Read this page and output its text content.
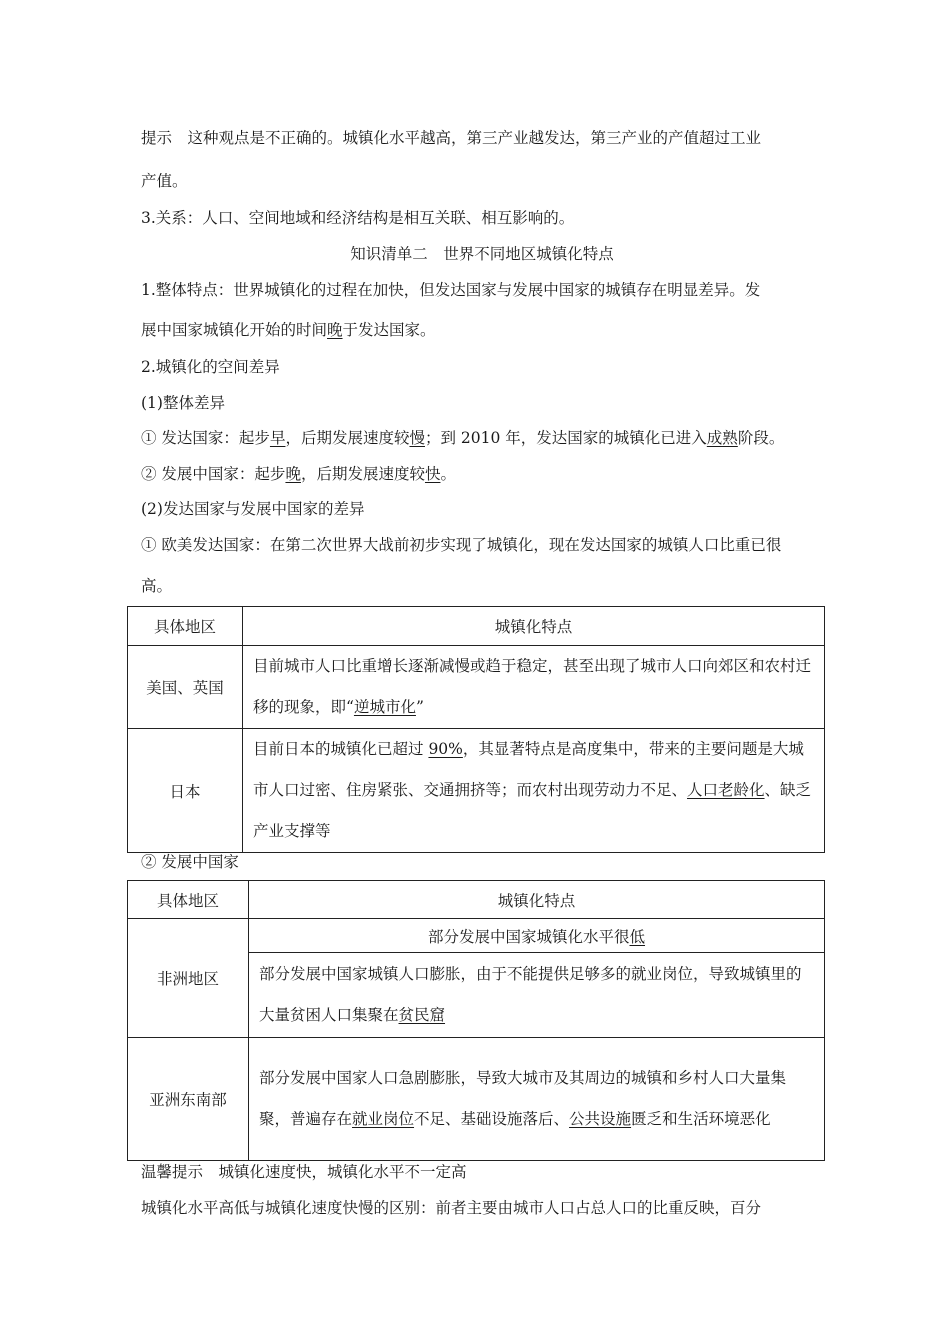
提示　 这种观点是不正确的。城镇化水平越高，第三产业越发达，第三产业的产值超过工业
产值。
3.关系：人口、空间地域和经济结构是相互关联、相互影响的。
知识清单二　世界不同地区城镇化特点
1.整体特点：世界城镇化的过程在加快，但发达国家与发展中国家的城镇存在明显差异。发
展中国家城镇化开始的时间晚于发达国家。
2.城镇化的空间差异
(1)整体差异
① 发达国家：起步早，后期发展速度较慢；到 2010 年，发达国家的城镇化已进入成熟阶段。
② 发展中国家：起步晚，后期发展速度较快。
(2)发达国家与发展中国家的差异
① 欧美发达国家：在第二次世界大战前初步实现了城镇化，现在发达国家的城镇人口比重已很
高。
具体地区	城镇化特点
美国、英国	目前城市人口比重增长逐渐减慢或趋于稳定，甚至出现了城市人口向郊区和农村迁移的现象，即“逆城市化”

日本	目前日本的城镇化已超过 90%，其显著特点是高度集中，带来的主要问题是大城市人口过密、住房紧张、交通拥挤等；而农村出现劳动力不足、人口老龄化、缺乏产业支撑等
② 发展中国家
具体地区	城镇化特点
非洲地区	部分发展中国家城镇化水平很低

	部分发展中国家城镇人口膨胀，由于不能提供足够多的就业岗位，导致城镇里的大量贫困人口集聚在贫民窟

亚洲东南部	部分发展中国家人口急剧膨胀，导致大城市及其周边的城镇和乡村人口大量集聚，普遍存在就业岗位不足、基础设施落后、公共设施匮乏和生活环境恶化
温馨提示　城镇化速度快，城镇化水平不一定高
城镇化水平高低与城镇化速度快慢的区别：前者主要由城市人口占总人口的比重反映，百分
